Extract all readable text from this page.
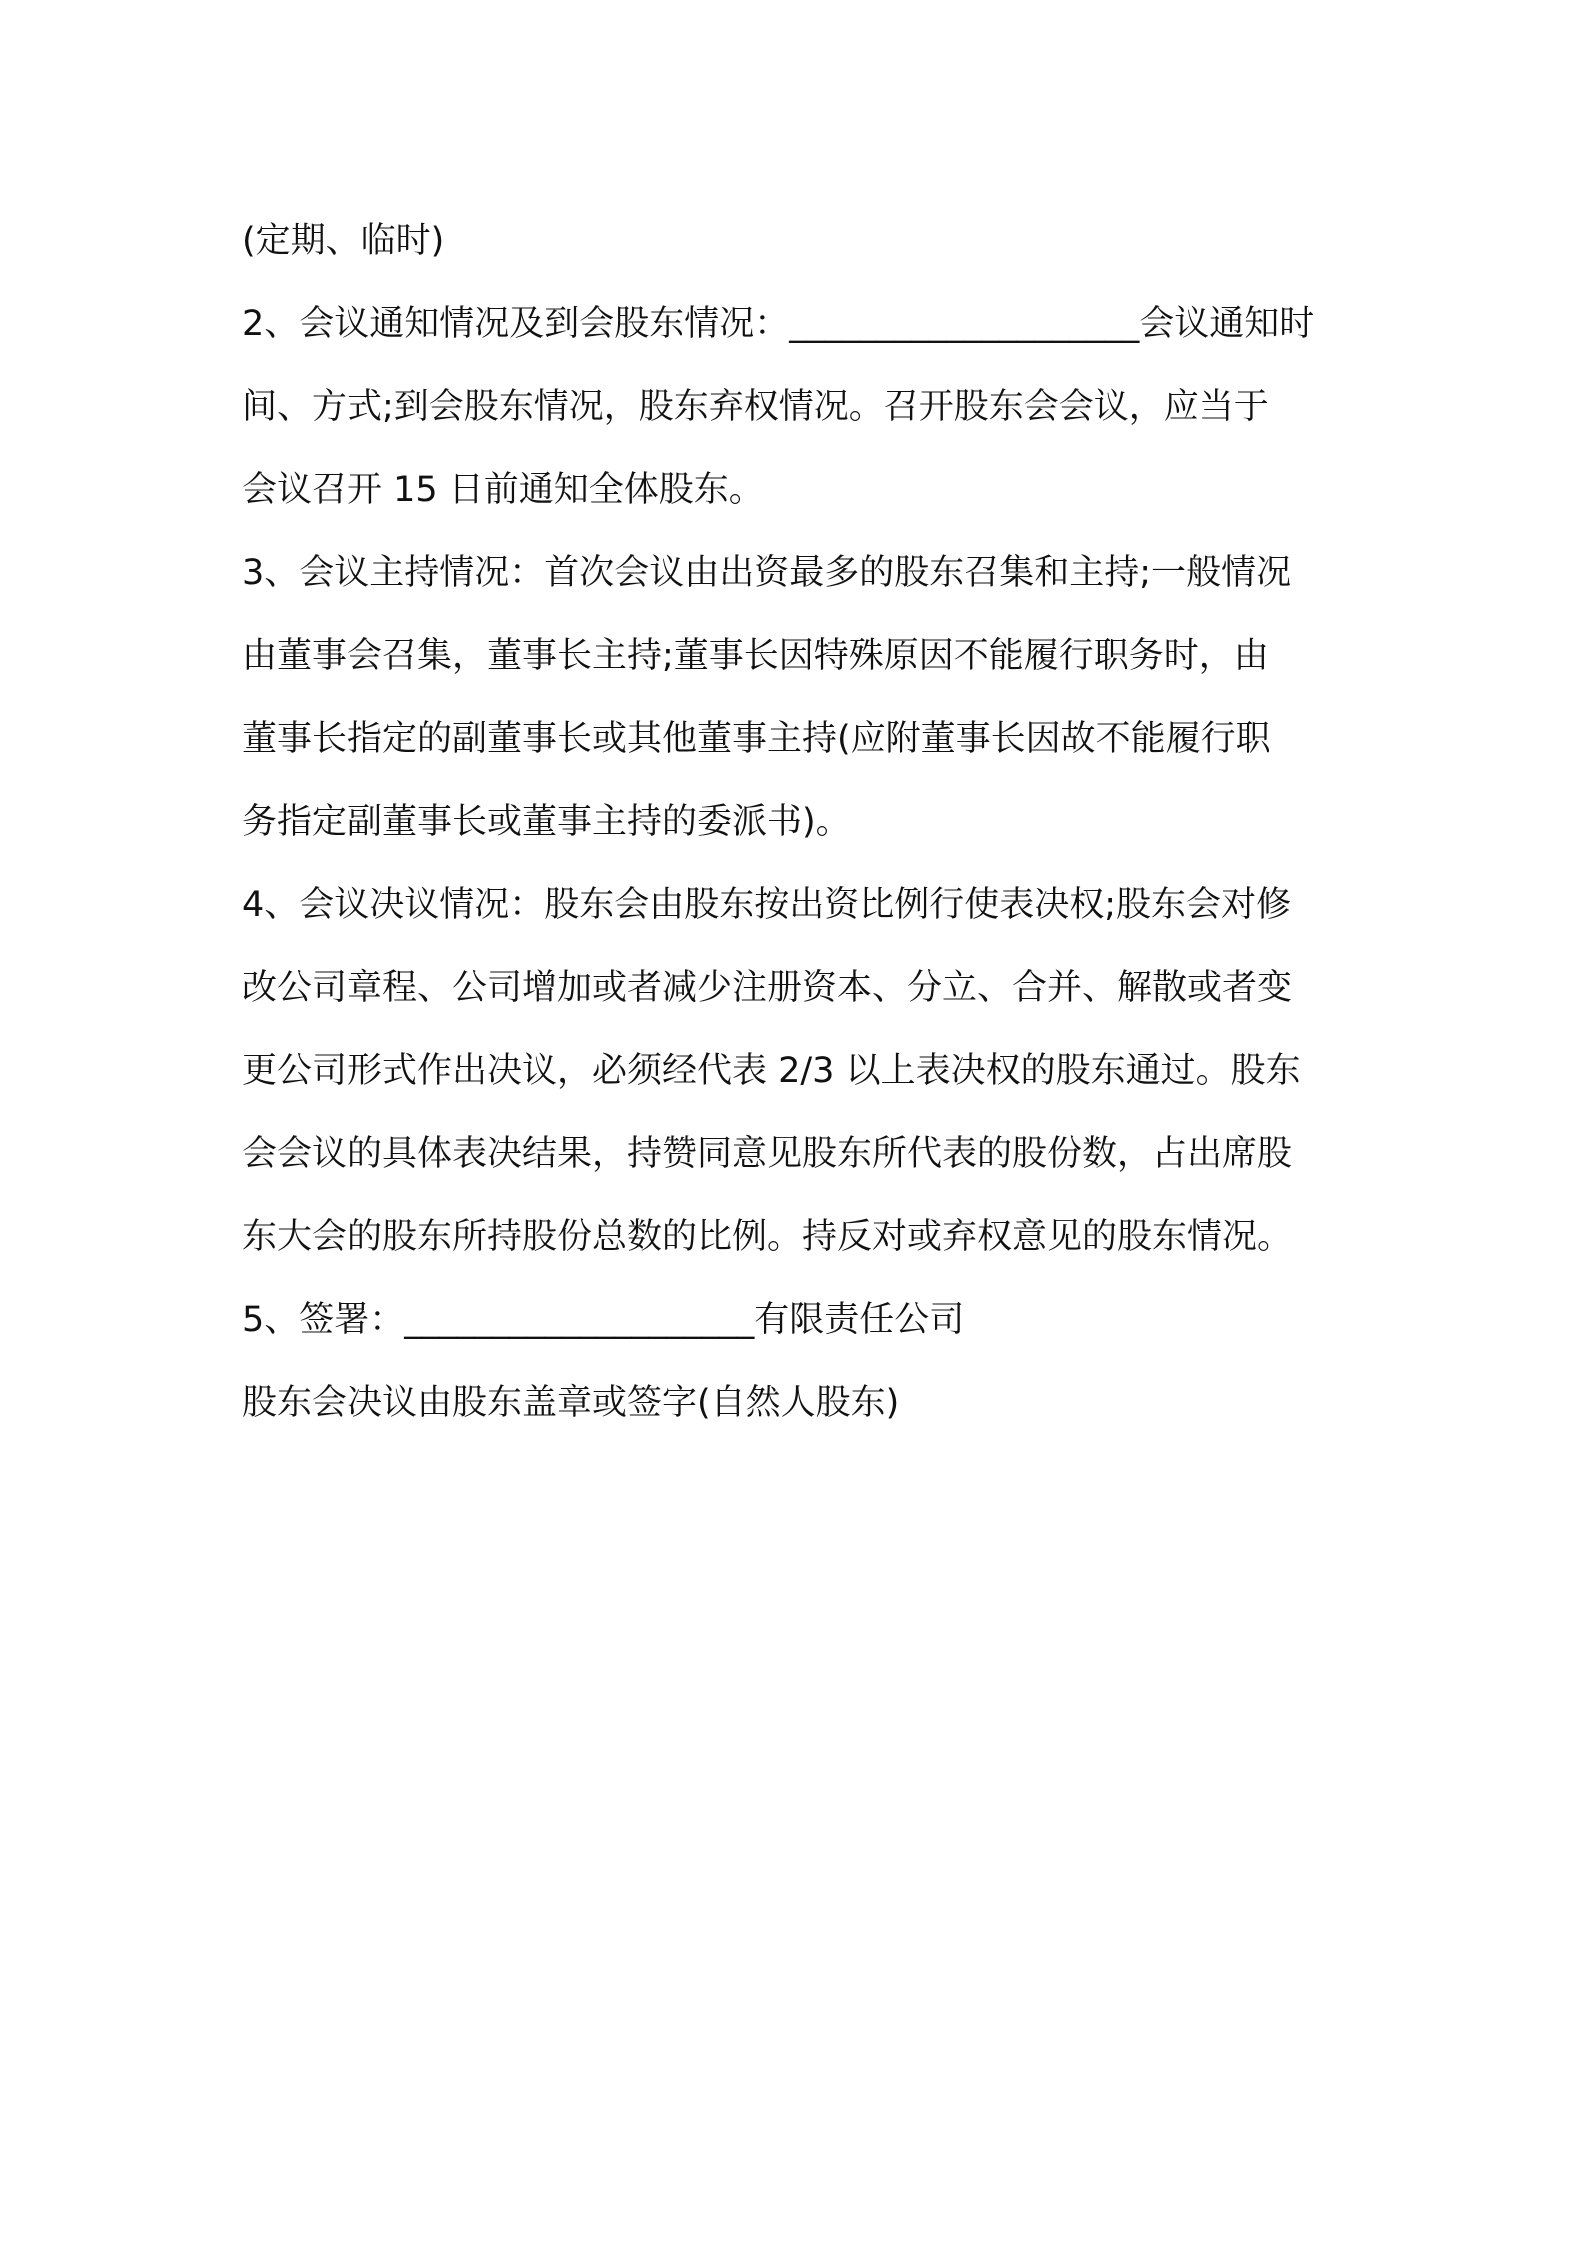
(定期、临时)
2、会议通知情况及到会股东情况：____________________会议通知时
间、方式;到会股东情况，股东弃权情况。召开股东会会议，应当于
会议召开 15 日前通知全体股东。
3、会议主持情况：首次会议由出资最多的股东召集和主持;一般情况
由董事会召集，董事长主持;董事长因特殊原因不能履行职务时，由
董事长指定的副董事长或其他董事主持(应附董事长因故不能履行职
务指定副董事长或董事主持的委派书)。
4、会议决议情况：股东会由股东按出资比例行使表决权;股东会对修
改公司章程、公司增加或者减少注册资本、分立、合并、解散或者变
更公司形式作出决议，必须经代表 2/3 以上表决权的股东通过。股东
会会议的具体表决结果，持赞同意见股东所代表的股份数，占出席股
东大会的股东所持股份总数的比例。持反对或弃权意见的股东情况。
5、签署：____________________有限责任公司
股东会决议由股东盖章或签字(自然人股东)
